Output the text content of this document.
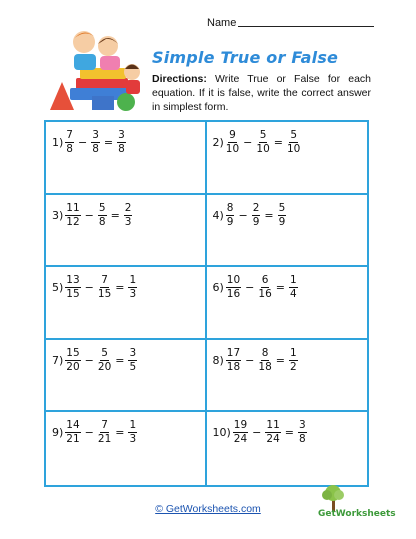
Name
Simple True or False
Directions: Write True or False for each equation. If it is false, write the correct answer in simplest form.
$1) \frac{7}{8} - \frac{3}{8} = \frac{3}{8}$	$2) \frac{9}{10} - \frac{5}{10} = \frac{5}{10}$
$3) \frac{11}{12} - \frac{5}{8} = \frac{2}{3}$	$4) \frac{8}{9} - \frac{2}{9} = \frac{5}{9}$
$5) \frac{13}{15} - \frac{7}{15} = \frac{1}{3}$	$6) \frac{10}{16} - \frac{6}{16} = \frac{1}{4}$
$7) \frac{15}{20} - \frac{5}{20} = \frac{3}{5}$	$8) \frac{17}{18} - \frac{8}{18} = \frac{1}{2}$
$9) \frac{14}{21} - \frac{7}{21} = \frac{1}{3}$	$10) \frac{19}{24} - \frac{11}{24} = \frac{3}{8}$
© GetWorksheets.com	GetWorksheets
